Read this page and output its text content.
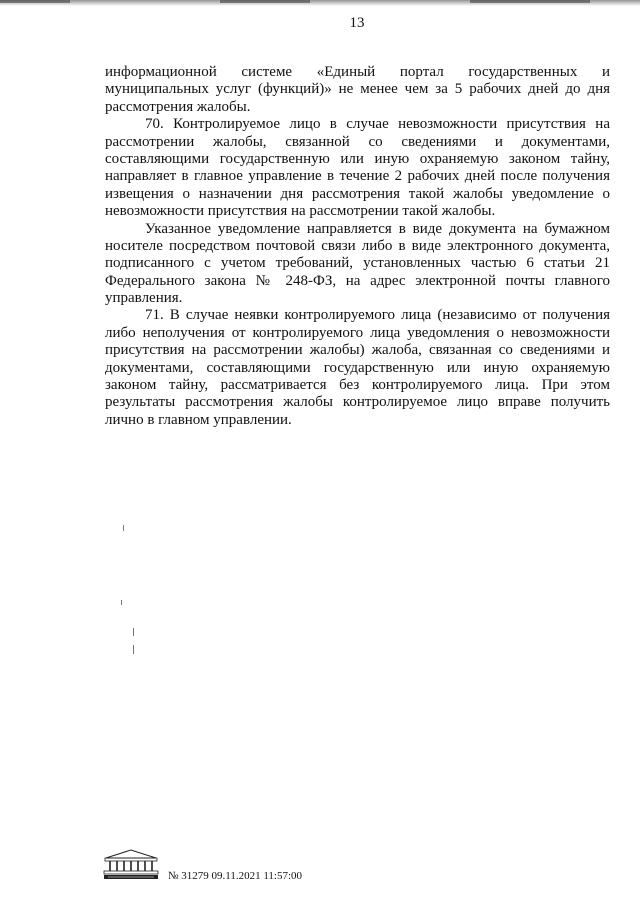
13
информационной системе «Единый портал государственных и
муниципальных услуг (функций)» не менее чем за 5 рабочих дней до дня
рассмотрения жалобы.
70. Контролируемое лицо в случае невозможности присутствия на
рассмотрении жалобы, связанной со сведениями и документами,
составляющими государственную или иную охраняемую законом тайну,
направляет в главное управление в течение 2 рабочих дней после получения
извещения о назначении дня рассмотрения такой жалобы уведомление о
невозможности присутствия на рассмотрении такой жалобы.
Указанное уведомление направляется в виде документа на бумажном
носителе посредством почтовой связи либо в виде электронного документа,
подписанного с учетом требований, установленных частью 6 статьи 21
Федерального закона № 248-ФЗ, на адрес электронной почты главного
управления.
71. В случае неявки контролируемого лица (независимо от получения
либо неполучения от контролируемого лица уведомления о невозможности
присутствия на рассмотрении жалобы) жалоба, связанная со сведениями и
документами, составляющими государственную или иную охраняемую
законом тайну, рассматривается без контролируемого лица. При этом
результаты рассмотрения жалобы контролируемое лицо вправе получить
лично в главном управлении.
№ 31279 09.11.2021 11:57:00
